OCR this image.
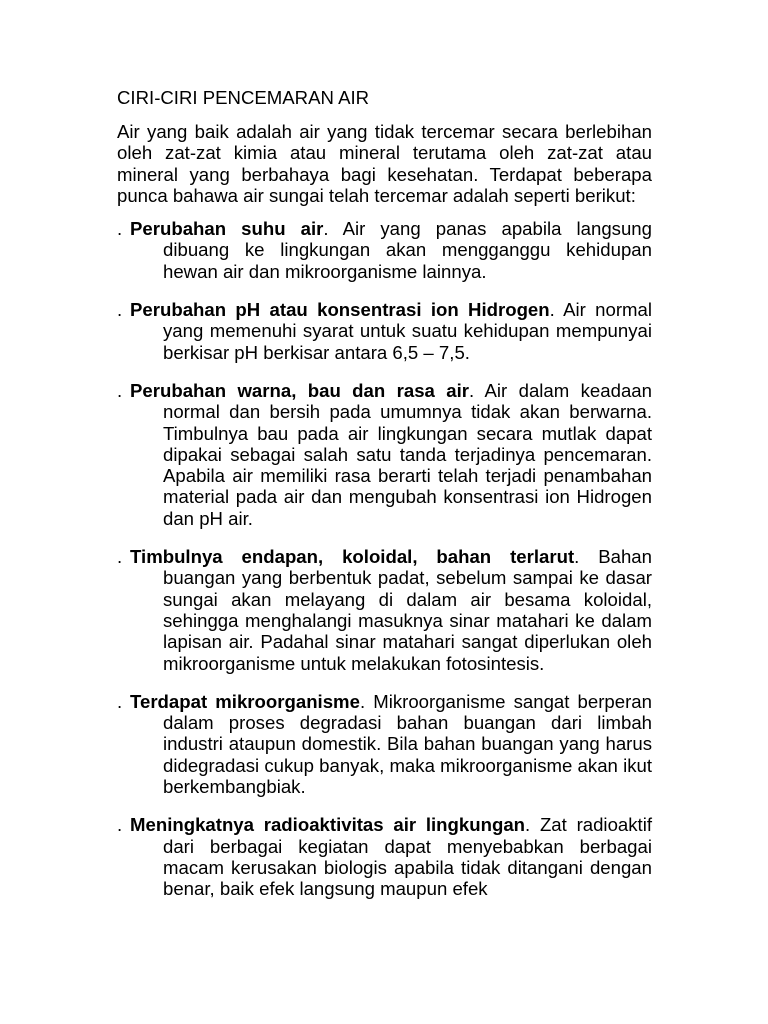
CIRI-CIRI PENCEMARAN AIR

Air yang baik adalah air yang tidak tercemar secara berlebihan oleh zat-zat kimia atau mineral terutama oleh zat-zat atau mineral yang berbahaya bagi kesehatan. Terdapat beberapa punca bahawa air sungai telah tercemar adalah seperti berikut:

. Perubahan suhu air. Air yang panas apabila langsung dibuang ke lingkungan akan mengganggu kehidupan hewan air dan mikroorganisme lainnya.

. Perubahan pH atau konsentrasi ion Hidrogen. Air normal yang memenuhi syarat untuk suatu kehidupan mempunyai berkisar pH berkisar antara 6,5 – 7,5.

. Perubahan warna, bau dan rasa air. Air dalam keadaan normal dan bersih pada umumnya tidak akan berwarna. Timbulnya bau pada air lingkungan secara mutlak dapat dipakai sebagai salah satu tanda terjadinya pencemaran. Apabila air memiliki rasa berarti telah terjadi penambahan material pada air dan mengubah konsentrasi ion Hidrogen dan pH air.

. Timbulnya endapan, koloidal, bahan terlarut. Bahan buangan yang berbentuk padat, sebelum sampai ke dasar sungai akan melayang di dalam air besama koloidal, sehingga menghalangi masuknya sinar matahari ke dalam lapisan air. Padahal sinar matahari sangat diperlukan oleh mikroorganisme untuk melakukan fotosintesis.

. Terdapat mikroorganisme. Mikroorganisme sangat berperan dalam proses degradasi bahan buangan dari limbah industri ataupun domestik. Bila bahan buangan yang harus didegradasi cukup banyak, maka mikroorganisme akan ikut berkembangbiak.

. Meningkatnya radioaktivitas air lingkungan. Zat radioaktif dari berbagai kegiatan dapat menyebabkan berbagai macam kerusakan biologis apabila tidak ditangani dengan benar, baik efek langsung maupun efek
